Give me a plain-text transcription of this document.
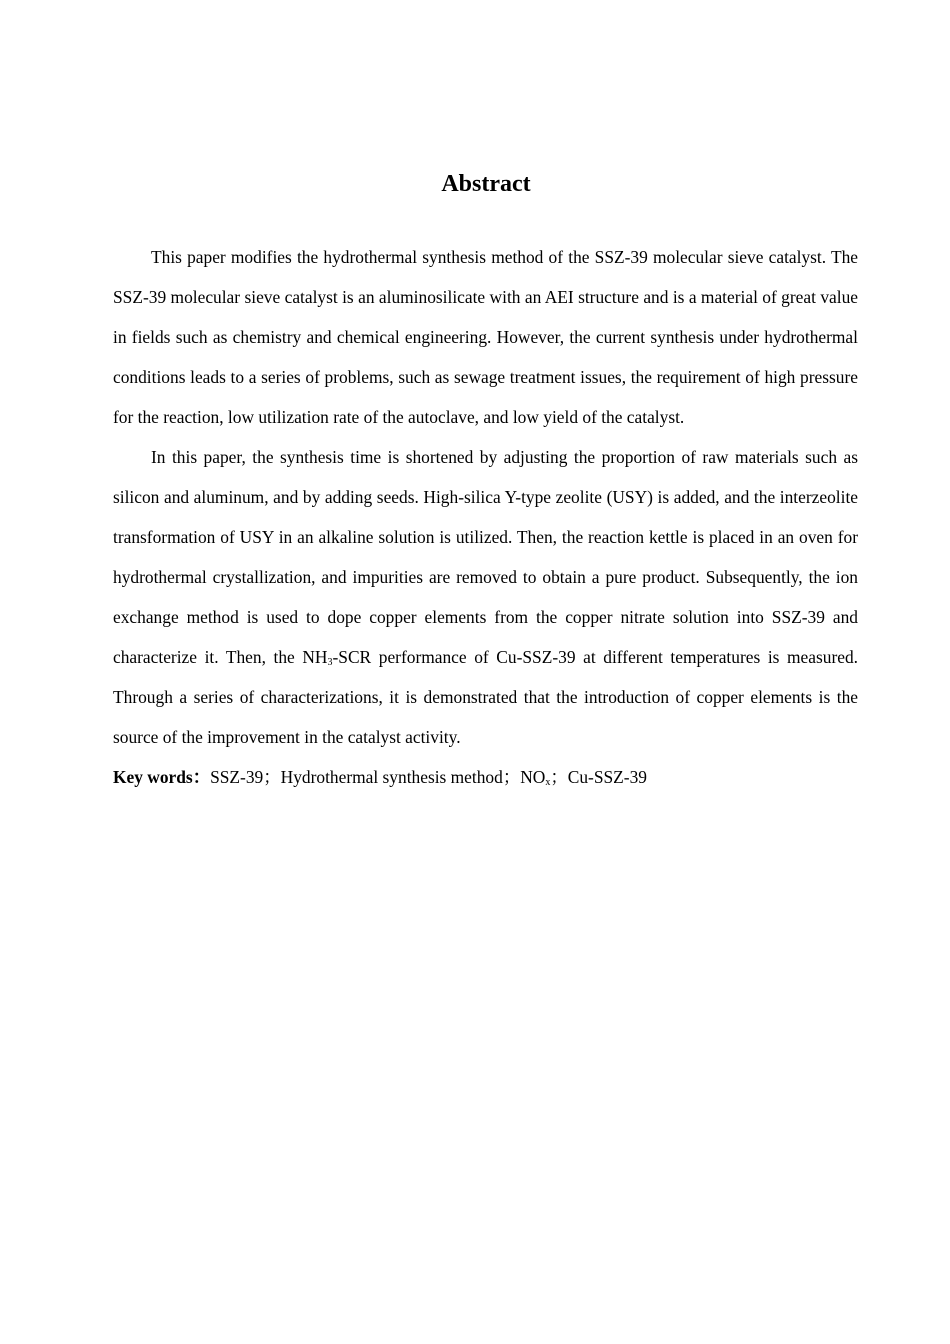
Abstract

This paper modifies the hydrothermal synthesis method of the SSZ-39 molecular sieve catalyst. The SSZ-39 molecular sieve catalyst is an aluminosilicate with an AEI structure and is a material of great value in fields such as chemistry and chemical engineering. However, the current synthesis under hydrothermal conditions leads to a series of problems, such as sewage treatment issues, the requirement of high pressure for the reaction, low utilization rate of the autoclave, and low yield of the catalyst.

In this paper, the synthesis time is shortened by adjusting the proportion of raw materials such as silicon and aluminum, and by adding seeds. High-silica Y-type zeolite (USY) is added, and the interzeolite transformation of USY in an alkaline solution is utilized. Then, the reaction kettle is placed in an oven for hydrothermal crystallization, and impurities are removed to obtain a pure product. Subsequently, the ion exchange method is used to dope copper elements from the copper nitrate solution into SSZ-39 and characterize it. Then, the $NH_3$-SCR performance of Cu-SSZ-39 at different temperatures is measured. Through a series of characterizations, it is demonstrated that the introduction of copper elements is the source of the improvement in the catalyst activity.

Key words：SSZ-39；Hydrothermal synthesis method；$NO_x$；Cu-SSZ-39
